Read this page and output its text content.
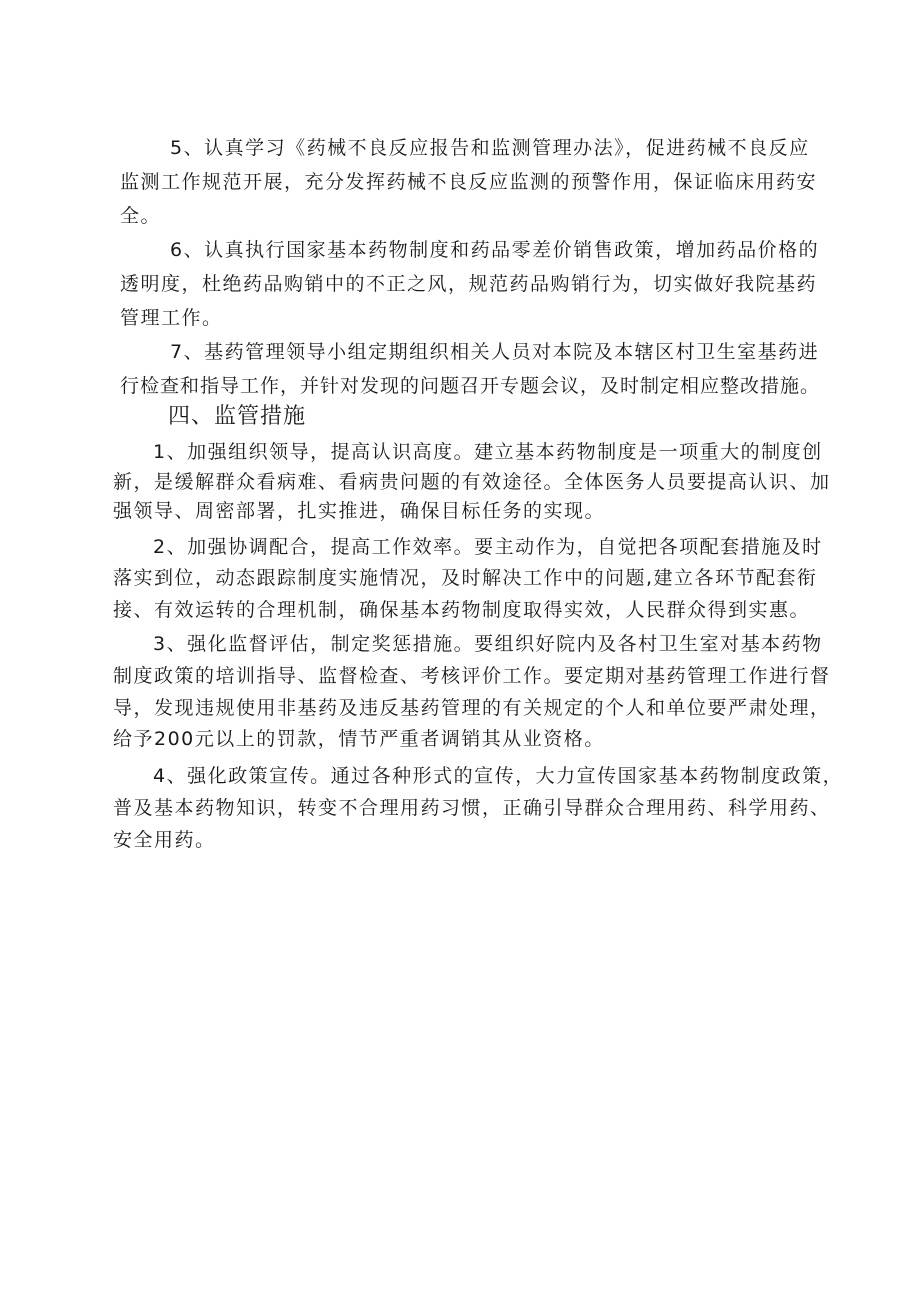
5、认真学习《药械不良反应报告和监测管理办法》，促进药械不良反应
监测工作规范开展，充分发挥药械不良反应监测的预警作用，保证临床用药安
全。
6、认真执行国家基本药物制度和药品零差价销售政策，增加药品价格的
透明度，杜绝药品购销中的不正之风，规范药品购销行为，切实做好我院基药
管理工作。
7、基药管理领导小组定期组织相关人员对本院及本辖区村卫生室基药进
行检查和指导工作，并针对发现的问题召开专题会议，及时制定相应整改措施。
四、监管措施
1、加强组织领导，提高认识高度。建立基本药物制度是一项重大的制度创
新，是缓解群众看病难、看病贵问题的有效途径。全体医务人员要提高认识、加
强领导、周密部署，扎实推进，确保目标任务的实现。
2、加强协调配合，提高工作效率。要主动作为，自觉把各项配套措施及时
落实到位，动态跟踪制度实施情况，及时解决工作中的问题,建立各环节配套衔
接、有效运转的合理机制，确保基本药物制度取得实效，人民群众得到实惠。
3、强化监督评估，制定奖惩措施。要组织好院内及各村卫生室对基本药物
制度政策的培训指导、监督检查、考核评价工作。要定期对基药管理工作进行督
导，发现违规使用非基药及违反基药管理的有关规定的个人和单位要严肃处理，
给予200元以上的罚款，情节严重者调销其从业资格。
4、强化政策宣传。通过各种形式的宣传，大力宣传国家基本药物制度政策，
普及基本药物知识，转变不合理用药习惯，正确引导群众合理用药、科学用药、
安全用药。
